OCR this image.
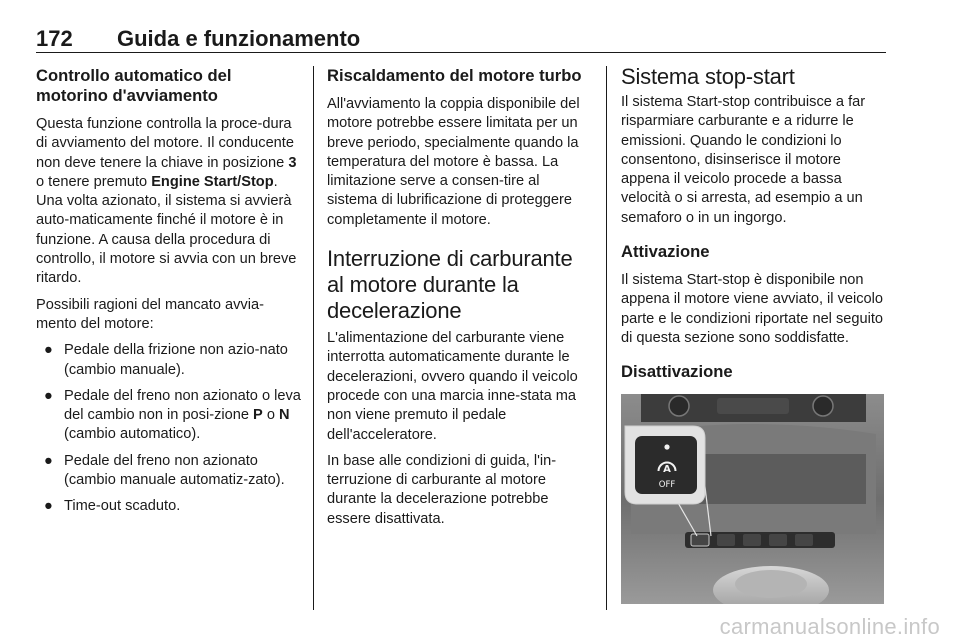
172 Guida e funzionamento
Controllo automatico del motorino d'avviamento

Questa funzione controlla la proce-dura di avviamento del motore. Il conducente non deve tenere la chiave in posizione 3 o tenere premuto Engine Start/Stop. Una volta azionato, il sistema si avvierà auto-maticamente finché il motore è in funzione. A causa della procedura di controllo, il motore si avvia con un breve ritardo.

Possibili ragioni del mancato avvia-mento del motore:

● Pedale della frizione non azio-nato (cambio manuale).
● Pedale del freno non azionato o leva del cambio non in posi-zione P o N (cambio automatico).
● Pedale del freno non azionato (cambio manuale automatiz-zato).
● Time-out scaduto.
Riscaldamento del motore turbo

All'avviamento la coppia disponibile del motore potrebbe essere limitata per un breve periodo, specialmente quando la temperatura del motore è bassa. La limitazione serve a consen-tire al sistema di lubrificazione di proteggere completamente il motore.

Interruzione di carburante al motore durante la decelerazione

L'alimentazione del carburante viene interrotta automaticamente durante le decelerazioni, ovvero quando il veicolo procede con una marcia inne-stata ma non viene premuto il pedale dell'acceleratore.

In base alle condizioni di guida, l'in-terruzione di carburante al motore durante la decelerazione potrebbe essere disattivata.

Sistema stop-start

Il sistema Start-stop contribuisce a far risparmiare carburante e a ridurre le emissioni. Quando le condizioni lo consentono, disinserisce il motore appena il veicolo procede a bassa velocità o si arresta, ad esempio a un semaforo o in un ingorgo.

Attivazione

Il sistema Start-stop è disponibile non appena il motore viene avviato, il veicolo parte e le condizioni riportate nel seguito di questa sezione sono soddisfatte.

Disattivazione
A
OFF
carmanualsonline.info
